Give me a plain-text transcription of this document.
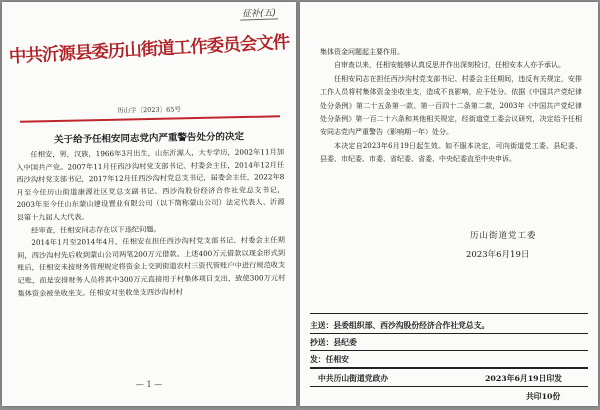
征补(五)
中共沂源县委历山街道工作委员会文件
历山字〔2023〕65号
关于给予任相安同志党内严重警告处分的决定

任相安，男，汉族，1966年3月出生，山东沂源人，大专学历，2002年11月加入中国共产党。2007年11月任西沙沟村党支部书记、村委会主任，2014年12月任西沙沟村党支部书记，2017年12月任西沙沟村党总支书记，届委会主任，2022年8月至今任历山街道康源社区党总支副书记、西沙沟股份经济合作社党总支书记，2003年至今任山东蒙山建设置业有限公司（以下简称蒙山公司）法定代表人、沂源县第十九届人大代表。

经审查，任相安同志存在以下违纪问题。

2014年1月至2014年4月，任相安在担任西沙沟村党支部书记、村委会主任期间，西沙沟村先后收到蒙山公司两笔200万元借款。上述400万元借款以现金形式到账后，任相安未按财务管理规定将资金上交到街道农村三资代管账户中进行规范收支记账，而是安排财务人员将其中300万元直接用于村集体项目支出，致使300万元村集体资金被坐收坐支。任相安对坐收坐支西沙沟村村

— 1 —

集体资金问题起主要作用。

自审查以来，任相安能够认真反思并作出深刻检讨，任相安本人亦予承认。

任相安同志在担任西沙沟村党支部书记、村委会主任期间，违反有关规定，安排工作人员将村集体资金坐收坐支，造成不良影响，应予处分。依据《中国共产党纪律处分条例》第二十五条第一款、第一百四十二条第二款，2003年《中国共产党纪律处分条例》第一百二十六条和其他相关规定，经街道党工委会议研究，决定给予任相安同志党内严重警告（影响期一年）处分。

本决定自2023年6月19日起生效。如不服本决定，可向街道党工委、县纪委、县委、市纪委、市委、省纪委、省委、中央纪委直至中央申诉。

历山街道党工委
2023年6月19日
主送：县委组织部、西沙沟股份经济合作社党总支。
抄送：县纪委
发：任相安
中共历山街道党政办	2023年6月19日印发
共印10份
